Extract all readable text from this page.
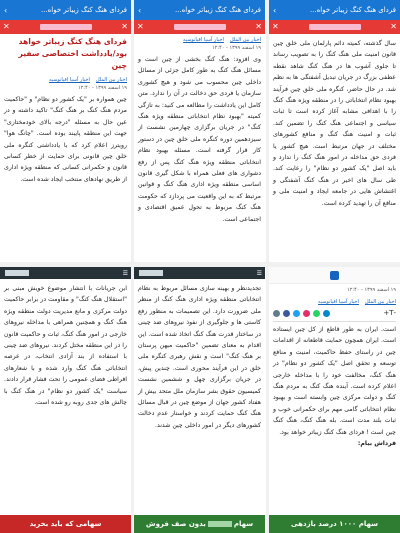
فردای هنگ کنگ زیباتر خواه...
›
✕
✕
سال گذشته، کمیته دائم پارلمان ملی خلق چین قانون امنیت ملی هنگ کنگ را به تصویب رساند تا جلوی آشوب ها در هنگ کنگ شاهد نقطه عطفی بزرگ در جریان تبدیل آشفتگی ها به نظم شد. در حال حاضر، کنگره ملی خلق چین فرآیند بهبود نظام انتخاباتی را در منطقه ویژه هنگ کنگ را با اهدافی مشابه آغاز کرده است تا ثبات سیاسی و اجتماعی هنگ کنگ را تضمین کند. ثبات و امنیت هنگ کنگ و منافع کشورهای مختلف در جهان مرتبط است. هیچ کشور یا فردی حق مداخله در امور هنگ کنگ را ندارد و باید اصل "یک کشور دو نظام" را رعایت کند. طی سال های اخیر در هنگ کنگ آشفتگی و اغتشاش هایی در جامعه ایجاد و امنیت ملی و منافع آن را تهدید کرده است.
فردای هنگ کنگ زیباتر خواه...
›
✕
✕
اخبار بین الملل
اخبار آسیا اقیانوسیه
۱۹ اسفند ۱۳۹۹ - ۱۲:۴۰
وی افزود: هنگ کنگ بخشی از چین است و مسائل هنگ کنگ به طور کامل جزئی از مسائل داخلی چین محسوب می شود و هیچ کشوری سازمان یا فردی حق دخالت در آن را ندارد. متن کامل این یادداشت را مطالعه می کنید: به تازگی کمیته "بهبود نظام انتخاباتی منطقه ویژه هنگ کنگ" در جریان برگزاری چهارمین نشست از سیزدهمین دوره کنگره ملی خلق چین در دستور کار قرار گرفته است. مسئله بهبود نظام انتخاباتی منطقه ویژه هنگ کنگ پس از رفع دشواری های فعلی همراه با شکل گیری قانون اساسی منطقه ویژه اداری هنگ کنگ و قوانین مرتبط که به این واقعیت می پردازد که حکومت هنگ کنگ مربوط به تحول عمیق اقتصادی و اجتماعی است.
فردای هنگ کنگ زیباتر خواه...
›
✕
✕
فردای هنگ کنگ زیباتر خواهد بود/یادداشت اختصاصی سفیر چین
اخبار بین الملل
اخبار آسیا اقیانوسیه
۱۹ اسفند ۱۳۹۹ - ۱۲:۴۰
چین همواره بر "یک کشور دو نظام" و "حاکمیت مردم هنگ کنگ بر هنگ کنگ" تاکید داشته و در عین حال به مسئله "درجه بالای خودمختاری" جهت این منطقه پایبند بوده است. "چانگ هوا" رویترز اعلام کرد که با یادداشتی کنگره ملی خلق چین قانونی برای حمایت از خطر کسانی قانون و حکمرانی کسانی که منطقه ویژه اداری از طریق نهادهای منتخب ایجاد شده است.
۱۹ اسفند ۱۳۹۹ - ۱۲:۴۰
اخبار بین الملل
اخبار آسیا اقیانوسیه
-T+
است. ایران به طور قاطع از کل چین ایستاده است. ایران همچون حمایت قاطعانه از اقدامات چین در راستای حفظ حاکمیت، امنیت و منافع توسعه و تحقق اصل "یک کشور دو نظام" در هنگ کنگ، مخالفت خود را با مداخله خارجی اعلام کرده است. آینده هنگ کنگ به مردم هنگ کنگ و دولت مرکزی چین وابسته است و بهبود نظام انتخاباتی گامی مهم برای حکمرانی خوب و ثبات بلند مدت است. بله هنگ کنگ، هنگ کنگ چین است ! فردای هنگ کنگ زیباتر خواهد بود.
فرداش بیام:
سهام ۱۰۰۰ درصد بازدهی
☰
تجدیدنظر و بهینه سازی مسائل مربوط به نظام انتخاباتی منطقه ویژه اداری هنگ کنگ از منظر ملی ضرورت دارد. این تصمیمات به منظور رفع کاستی ها و جلوگیری از نفوذ نیروهای ضد چینی در ساختار قدرت هنگ کنگ اتخاذ شده است. این اقدام به معنای تضمین "حاکمیت میهن پرستان بر هنگ کنگ" است و نقش رهبری کنگره ملی خلق در این فرآیند محوری است. چندین پیش، در جریان برگزاری چهل و ششمین نشست کمیسیون حقوق بشر سازمان ملل متحد بیش از هفتاد کشور جهان از موضع چین در قبال مسائل هنگ کنگ حمایت کردند و خواستار عدم دخالت کشورهای دیگر در امور داخلی چین شدند.
سهام
بدون صف فروش
☰
این جریانات با انتشار موضوع خویش مبنی بر "استقلال هنگ کنگ" و مقاومت در برابر حاکمیت دولت مرکزی و مانع مدیریت دولت منطقه ویژه هنگ کنگ و همچنین همراهی با مداخله نیروهای خارجی در امور هنگ کنگ، ثبات و حاکمیت قانون را در این منطقه مختل کردند. نیروهای ضد چینی با استفاده از بند آزادی انتخاب، در عرصه انتخاباتی هنگ کنگ وارد شده و با شعارهای افراطی فضای عمومی را تحت فشار قرار دادند. سیاست "یک کشور دو نظام" در هنگ کنگ با چالش های جدی روبه رو شده است.
سهامی که باید بخرید
